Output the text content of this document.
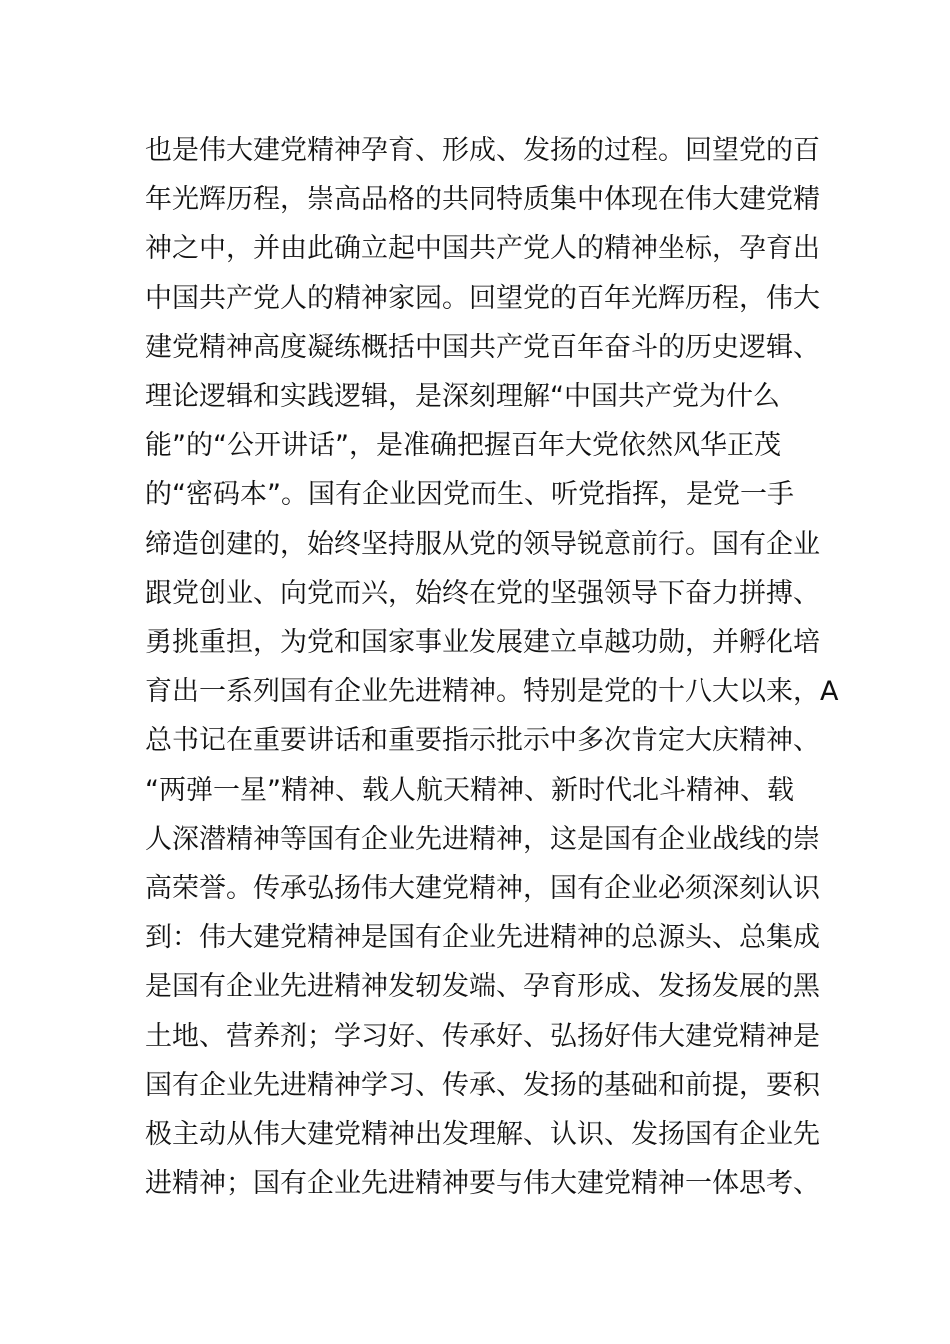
也是伟大建党精神孕育、形成、发扬的过程。回望党的百
年光辉历程，崇高品格的共同特质集中体现在伟大建党精
神之中，并由此确立起中国共产党人的精神坐标，孕育出
中国共产党人的精神家园。回望党的百年光辉历程，伟大
建党精神高度凝练概括中国共产党百年奋斗的历史逻辑、
理论逻辑和实践逻辑，是深刻理解“中国共产党为什么
能”的“公开讲话”，是准确把握百年大党依然风华正茂
的“密码本”。国有企业因党而生、听党指挥，是党一手
缔造创建的，始终坚持服从党的领导锐意前行。国有企业
跟党创业、向党而兴，始终在党的坚强领导下奋力拼搏、
勇挑重担，为党和国家事业发展建立卓越功勋，并孵化培
育出一系列国有企业先进精神。特别是党的十八大以来，A
总书记在重要讲话和重要指示批示中多次肯定大庆精神、
“两弹一星”精神、载人航天精神、新时代北斗精神、载
人深潜精神等国有企业先进精神，这是国有企业战线的崇
高荣誉。传承弘扬伟大建党精神，国有企业必须深刻认识
到：伟大建党精神是国有企业先进精神的总源头、总集成
是国有企业先进精神发轫发端、孕育形成、发扬发展的黑
土地、营养剂；学习好、传承好、弘扬好伟大建党精神是
国有企业先进精神学习、传承、发扬的基础和前提，要积
极主动从伟大建党精神出发理解、认识、发扬国有企业先
进精神；国有企业先进精神要与伟大建党精神一体思考、
